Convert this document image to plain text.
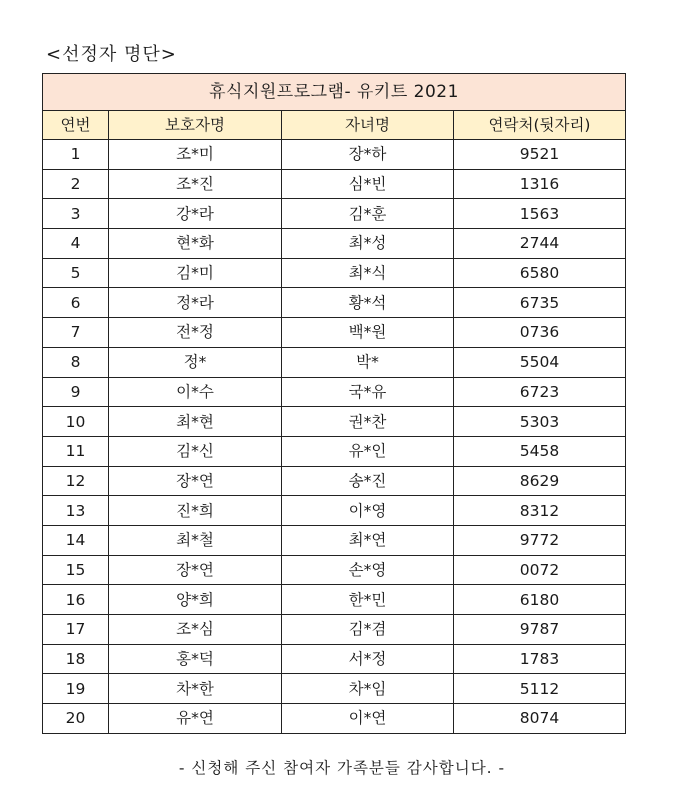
<선정자 명단>
휴식지원프로그램- 유키트 2021			
연번	보호자명	자녀명	연락처(뒷자리)
1	조*미	장*하	9521
2	조*진	심*빈	1316
3	강*라	김*훈	1563
4	현*화	최*성	2744
5	김*미	최*식	6580
6	정*라	황*석	6735
7	전*정	백*원	0736
8	정*	박*	5504
9	이*수	국*유	6723
10	최*현	권*찬	5303
11	김*신	유*인	5458
12	장*연	송*진	8629
13	진*희	이*영	8312
14	최*철	최*연	9772
15	장*연	손*영	0072
16	양*희	한*민	6180
17	조*심	김*겸	9787
18	홍*덕	서*정	1783
19	차*한	차*임	5112
20	유*연	이*연	8074
- 신청해 주신 참여자 가족분들 감사합니다. -
